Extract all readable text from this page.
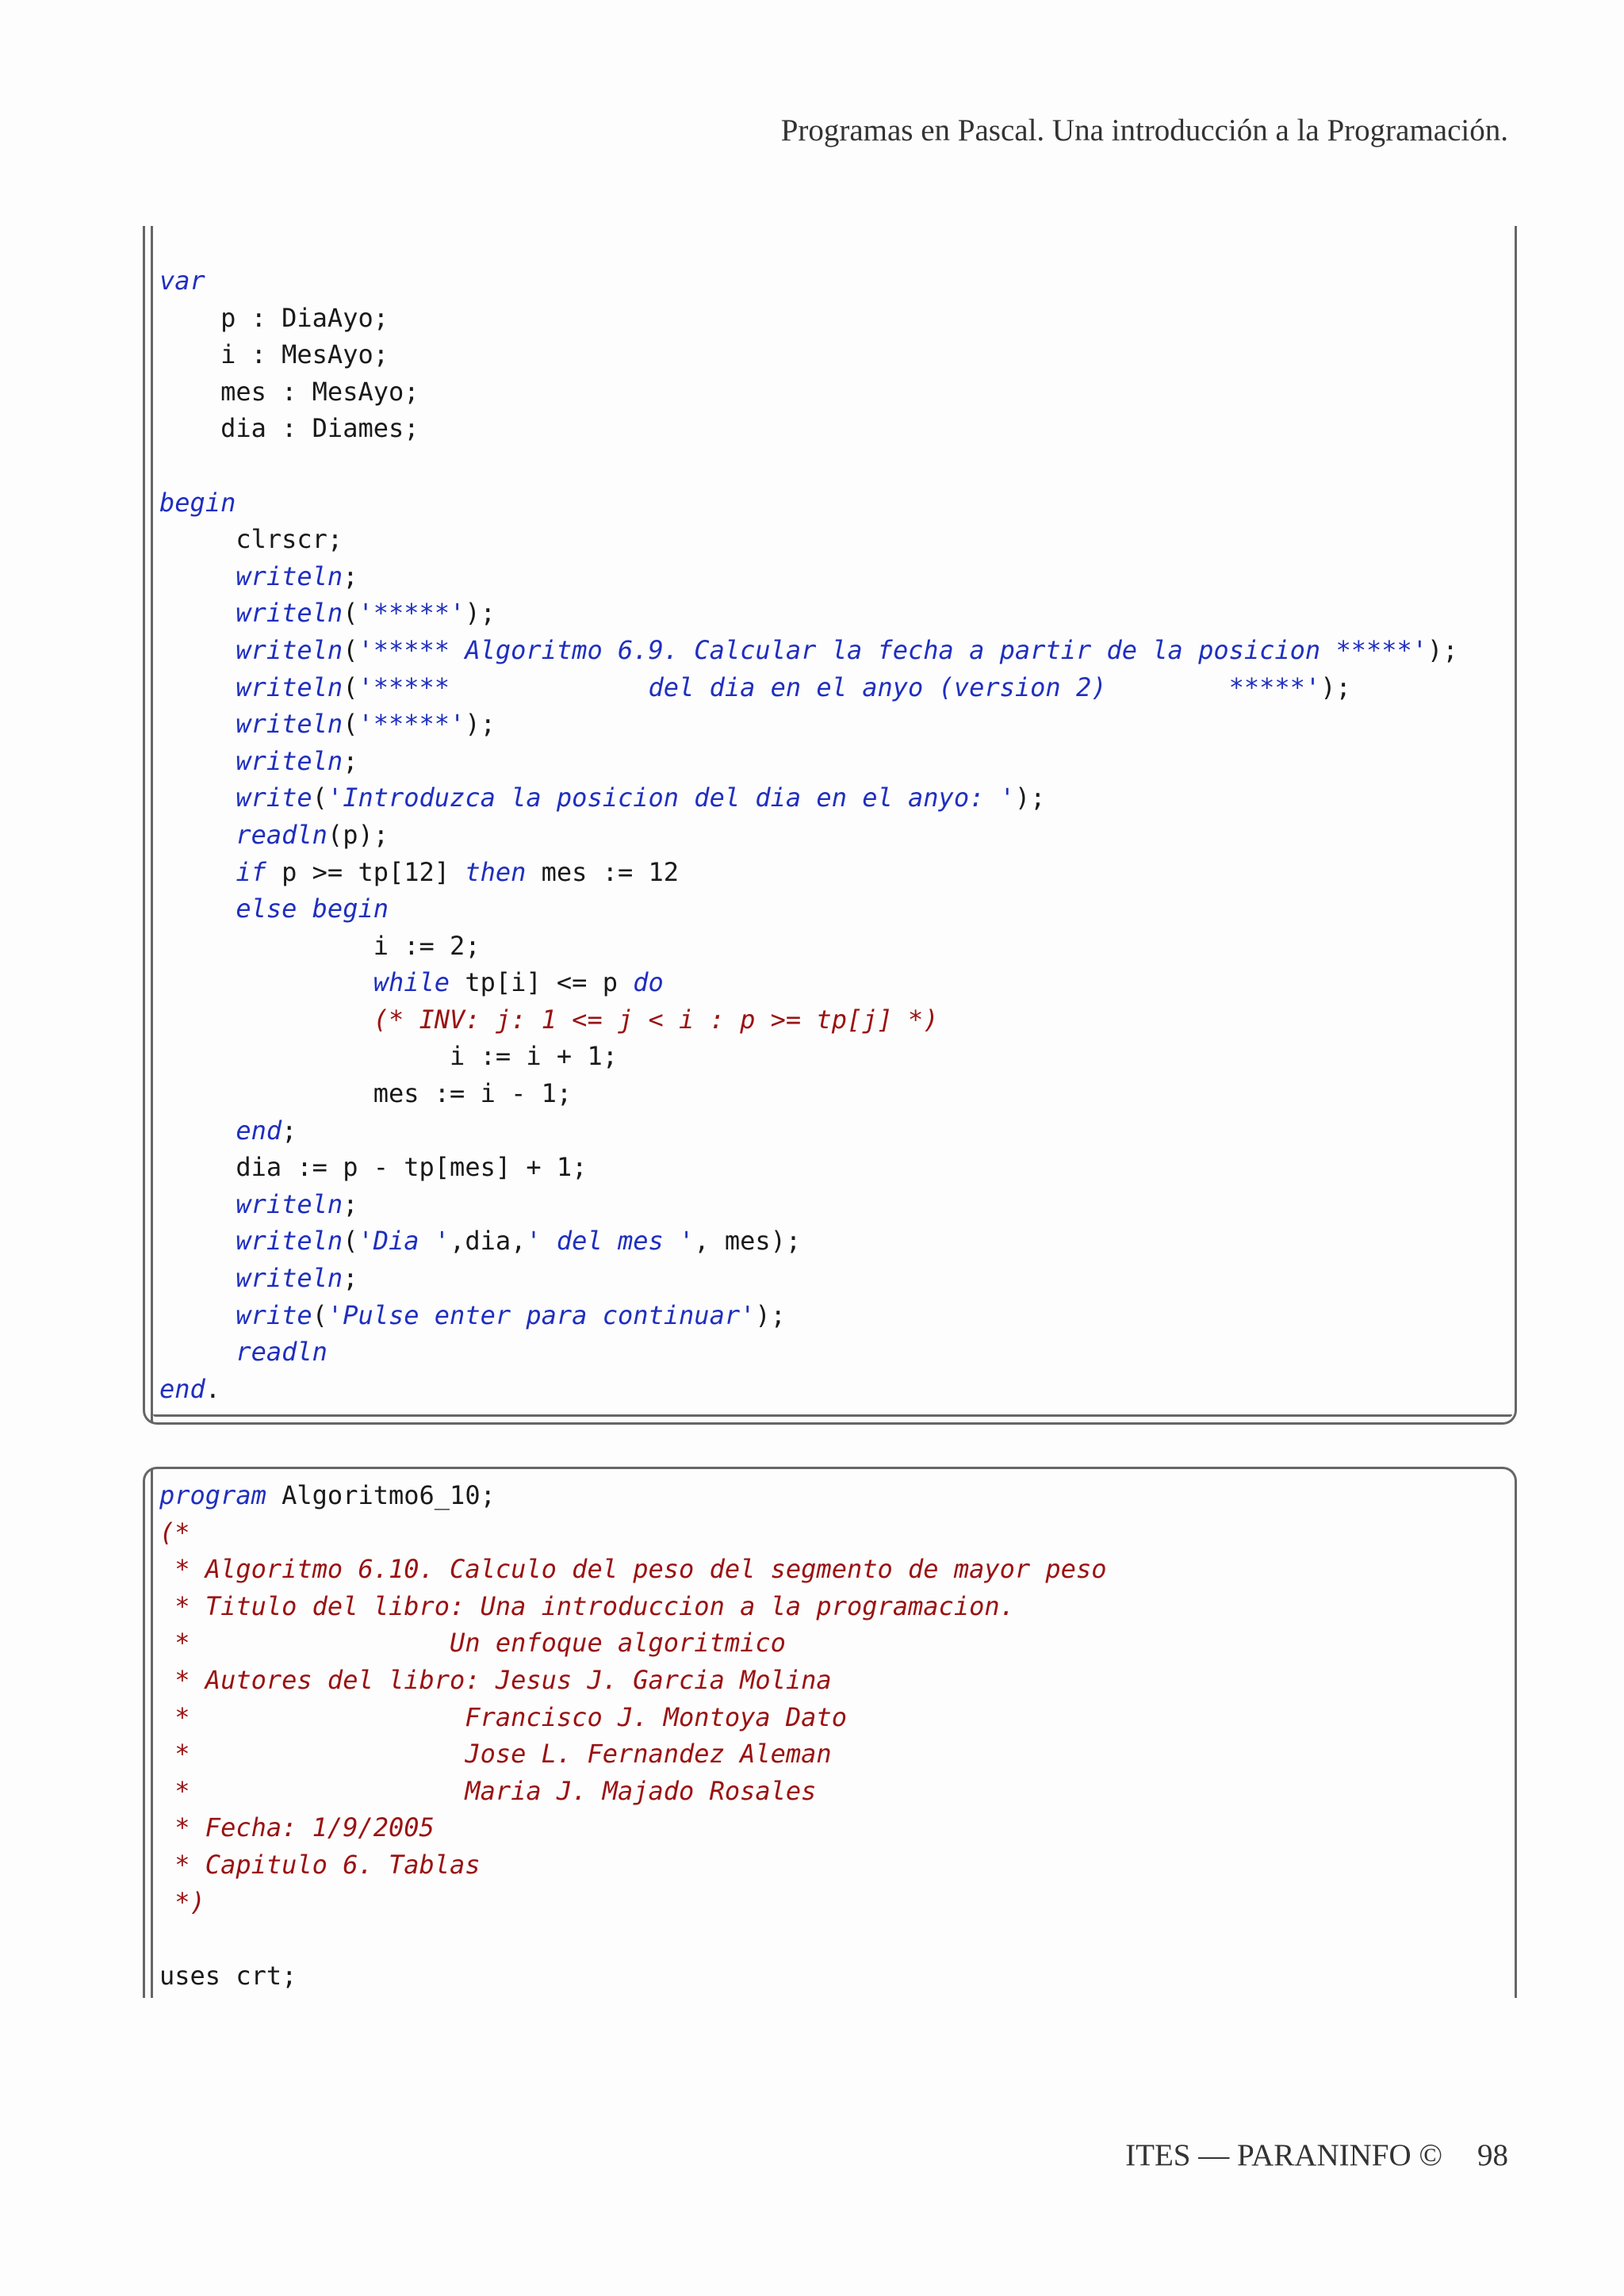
Programas en Pascal. Una introducción a la Programación.
var
p : DiaAyo;
i : MesAyo;
mes : MesAyo;
dia : Diames;
begin
clrscr;
writeln;
writeln('*****');
writeln('***** Algoritmo 6.9. Calcular la fecha a partir de la posicion *****');
writeln('*****             del dia en el anyo (version 2)        *****');
writeln('*****');
writeln;
write('Introduzca la posicion del dia en el anyo: ');
readln(p);
if p >= tp[12] then mes := 12
else begin
i := 2;
while tp[i] <= p do
(* INV: j: 1 <= j < i : p >= tp[j] *)
i := i + 1;
mes := i - 1;
end;
dia := p - tp[mes] + 1;
writeln;
writeln('Dia ',dia,' del mes ', mes);
writeln;
write('Pulse enter para continuar');
readln
end.
program Algoritmo6_10;
(*
* Algoritmo 6.10. Calculo del peso del segmento de mayor peso
* Titulo del libro: Una introduccion a la programacion.
*                 Un enfoque algoritmico
* Autores del libro: Jesus J. Garcia Molina
*                  Francisco J. Montoya Dato
*                  Jose L. Fernandez Aleman
*                  Maria J. Majado Rosales
* Fecha: 1/9/2005
* Capitulo 6. Tablas
*)
uses crt;
ITES — PARANINFO © 98
